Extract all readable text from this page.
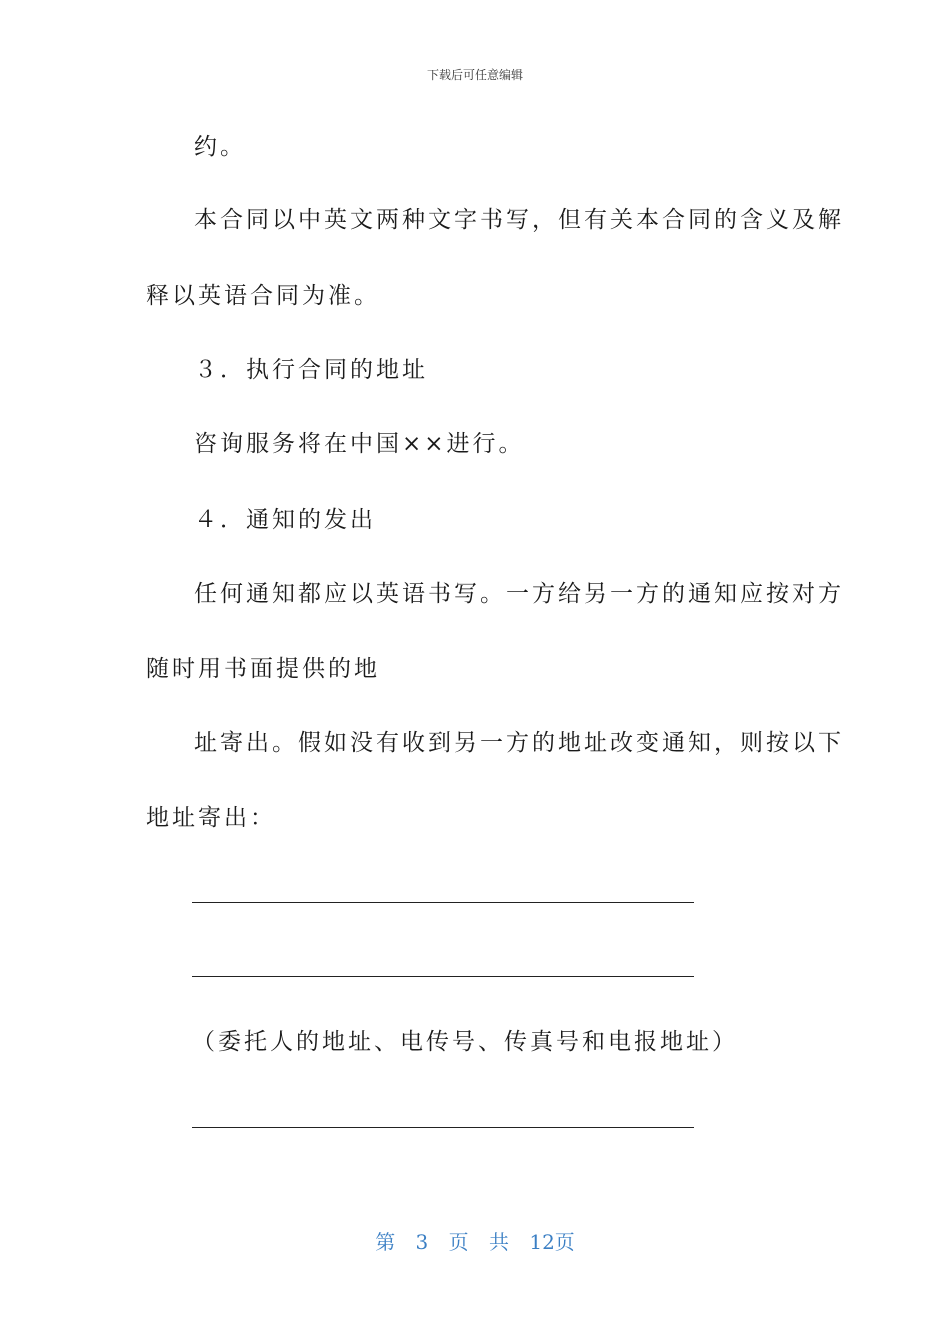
下载后可任意编辑
约。
本合同以中英文两种文字书写，但有关本合同的含义及解
释以英语合同为准。
３．执行合同的地址
咨询服务将在中国××进行。
４．通知的发出
任何通知都应以英语书写。一方给另一方的通知应按对方
随时用书面提供的地
址寄出。假如没有收到另一方的地址改变通知，则按以下
地址寄出：
（委托人的地址、电传号、传真号和电报地址）
第 3 页 共 12页
